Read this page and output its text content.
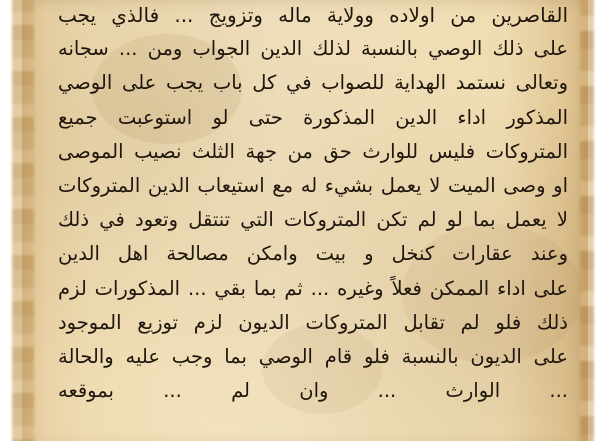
القاصرين من اولاده وولاية ماله وتزويج ... فالذي يجب
على ذلك الوصي بالنسبة لذلك الدين الجواب ومن ... سجانه
وتعالى نستمد الهداية للصواب في كل باب يجب على الوصي
المذكور اداء الدين المذكورة حتى لو استوعبت جميع
المتروكات فليس للوارث حق من جهة الثلث نصيب الموصى
او وصى الميت لا يعمل بشيء له مع استيعاب الدين المتروكات
لا يعمل بما لو لم تكن المتروكات التي تنتقل وتعود في ذلك
وعند عقارات كنخل و بيت وامكن مصالحة اهل الدين
على اداء الممكن فعلاً وغيره ... ثم بما بقي ... المذكورات لزم
ذلك فلو لم تقابل المتروكات الديون لزم توزيع الموجود
على الديون بالنسبة فلو قام الوصي بما وجب عليه والحالة
... الوارث ... وان لم ... بموقعه
